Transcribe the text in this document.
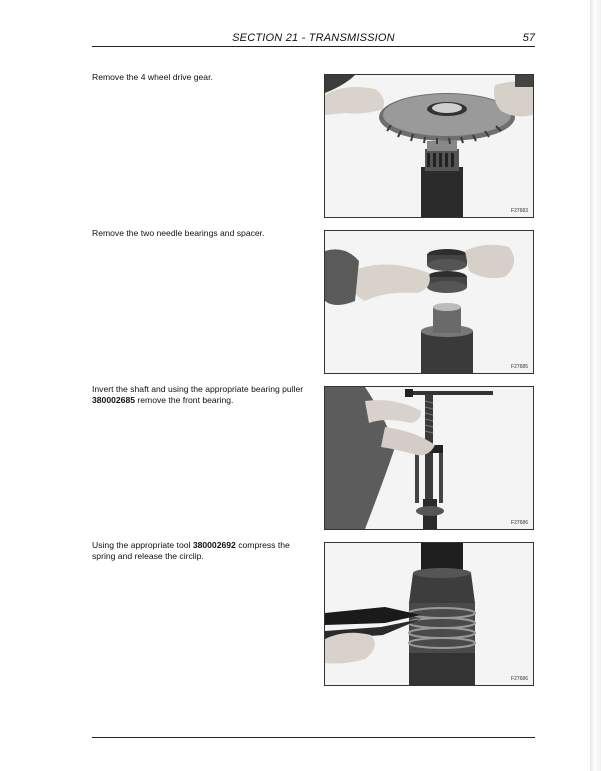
SECTION 21 - TRANSMISSION	57
Remove the 4 wheel drive gear.
F27683
Remove the two needle bearings and spacer.
F27685
Invert the shaft and using the appropriate bearing puller 380002685 remove the front bearing.
F27686
Using the appropriate tool 380002692 compress the spring and release the circlip.
F27686
